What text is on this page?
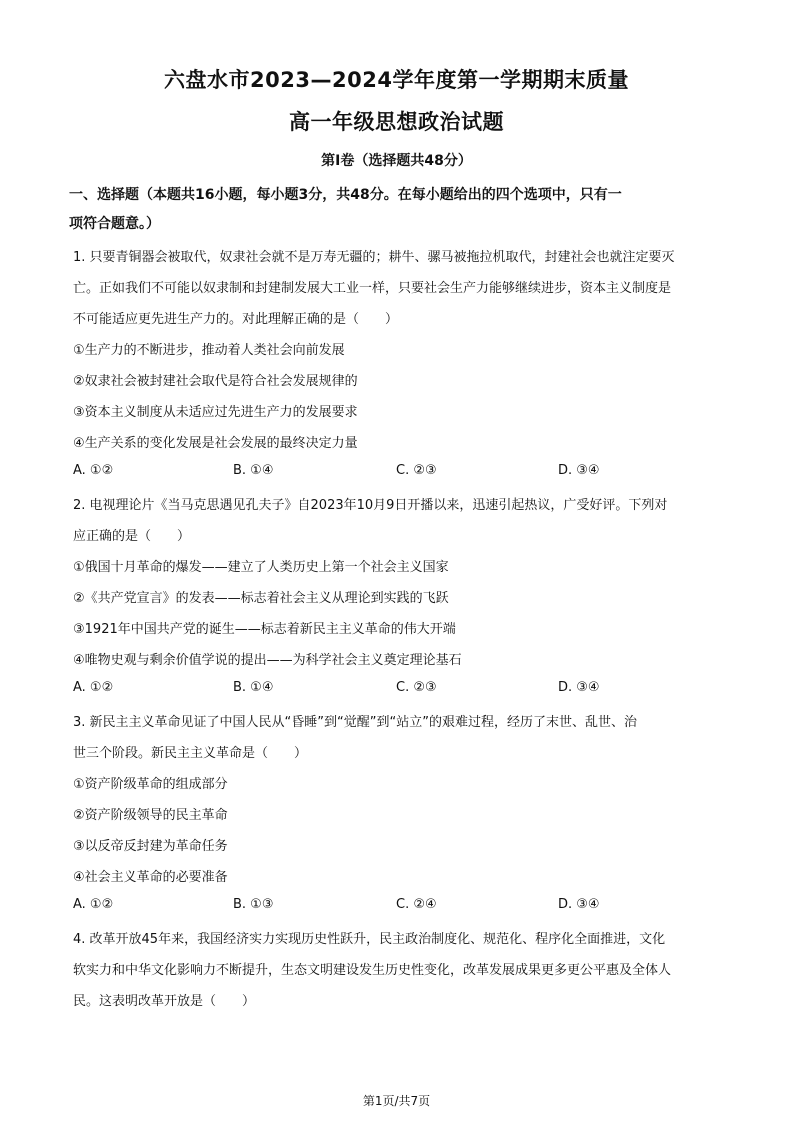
六盘水市2023—2024学年度第一学期期末质量
高一年级思想政治试题
第I卷（选择题共48分）
一、选择题（本题共16小题，每小题3分，共48分。在每小题给出的四个选项中，只有一
项符合题意。）
1. 只要青铜器会被取代，奴隶社会就不是万寿无疆的；耕牛、骡马被拖拉机取代，封建社会也就注定要灭
亡。正如我们不可能以奴隶制和封建制发展大工业一样，只要社会生产力能够继续进步，资本主义制度是
不可能适应更先进生产力的。对此理解正确的是（　　）
①生产力的不断进步，推动着人类社会向前发展
②奴隶社会被封建社会取代是符合社会发展规律的
③资本主义制度从未适应过先进生产力的发展要求
④生产关系的变化发展是社会发展的最终决定力量
A. ①②	B. ①④	C. ②③	D. ③④
2. 电视理论片《当马克思遇见孔夫子》自2023年10月9日开播以来，迅速引起热议，广受好评。下列对
应正确的是（　　）
①俄国十月革命的爆发——建立了人类历史上第一个社会主义国家
②《共产党宣言》的发表——标志着社会主义从理论到实践的飞跃
③1921年中国共产党的诞生——标志着新民主主义革命的伟大开端
④唯物史观与剩余价值学说的提出——为科学社会主义奠定理论基石
A. ①②	B. ①④	C. ②③	D. ③④
3. 新民主主义革命见证了中国人民从“昏睡”到“觉醒”到“站立”的艰难过程，经历了末世、乱世、治
世三个阶段。新民主主义革命是（　　）
①资产阶级革命的组成部分
②资产阶级领导的民主革命
③以反帝反封建为革命任务
④社会主义革命的必要准备
A. ①②	B. ①③	C. ②④	D. ③④
4. 改革开放45年来，我国经济实力实现历史性跃升，民主政治制度化、规范化、程序化全面推进，文化
软实力和中华文化影响力不断提升，生态文明建设发生历史性变化，改革发展成果更多更公平惠及全体人
民。这表明改革开放是（　　）
第1页/共7页
